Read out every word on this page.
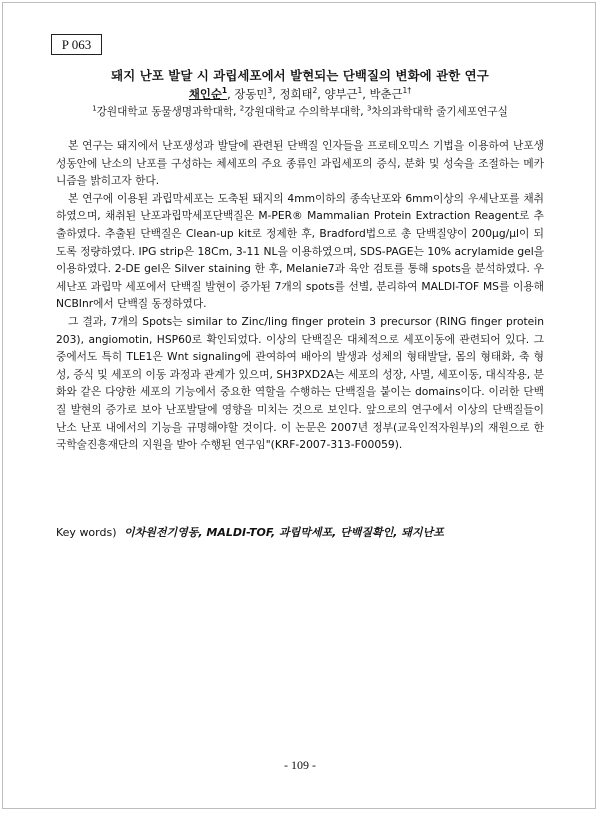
P 063
돼지 난포 발달 시 과립세포에서 발현되는 단백질의 변화에 관한 연구
채인순$^1$, 장동민$^3$, 정희태$^2$, 양부근$^1$, 박춘근$^{1\dagger}$
$^1$강원대학교 동물생명과학대학, $^2$강원대학교 수의학부대학, $^3$차의과학대학 줄기세포연구실

본 연구는 돼지에서 난포생성과 발달에 관련된 단백질 인자들을 프로테오믹스 기법을 이용하여 난포생성동안에 난소의 난포를 구성하는 체세포의 주요 종류인 과립세포의 증식, 분화 및 성숙을 조절하는 메카니즘을 밝히고자 한다.

본 연구에 이용된 과립막세포는 도축된 돼지의 4mm이하의 종속난포와 6mm이상의 우세난포를 채취하였으며, 채취된 난포과립막세포단백질은 M-PER® Mammalian Protein Extraction Reagent로 추출하였다. 추출된 단백질은 Clean-up kit로 정제한 후, Bradford법으로 총 단백질양이 200μg/μl이 되도록 정량하였다. IPG strip은 18Cm, 3-11 NL을 이용하였으며, SDS-PAGE는 10% acrylamide gel을 이용하였다. 2-DE gel은 Silver staining 한 후, Melanie7과 육안 검토를 통해 spots을 분석하였다. 우세난포 과립막 세포에서 단백질 발현이 증가된 7개의 spots를 선별, 분리하여 MALDI-TOF MS를 이용해 NCBInr에서 단백질 동정하였다.

그 결과, 7개의 Spots는 similar to Zinc/ling finger protein 3 precursor (RING finger protein 203), angiomotin, HSP60로 확인되었다. 이상의 단백질은 대체적으로 세포이동에 관련되어 있다. 그 중에서도 특히 TLE1은 Wnt signaling에 관여하여 배아의 발생과 성체의 형태발달, 몸의 형태화, 축 형성, 증식 및 세포의 이동 과정과 관계가 있으며, SH3PXD2A는 세포의 성장, 사멸, 세포이동, 대식작용, 분화와 같은 다양한 세포의 기능에서 중요한 역할을 수행하는 단백질을 붙이는 domains이다. 이러한 단백질 발현의 증가로 보아 난포발달에 영향을 미치는 것으로 보인다. 앞으로의 연구에서 이상의 단백질들이 난소 난포 내에서의 기능을 규명해야할 것이다. 이 논문은 2007년 정부(교육인적자원부)의 재원으로 한국학술진흥재단의 지원을 받아 수행된 연구임"(KRF-2007-313-F00059).

Key words) 이차원전기영동, MALDI-TOF, 과립막세포, 단백질확인, 돼지난포
- 109 -
